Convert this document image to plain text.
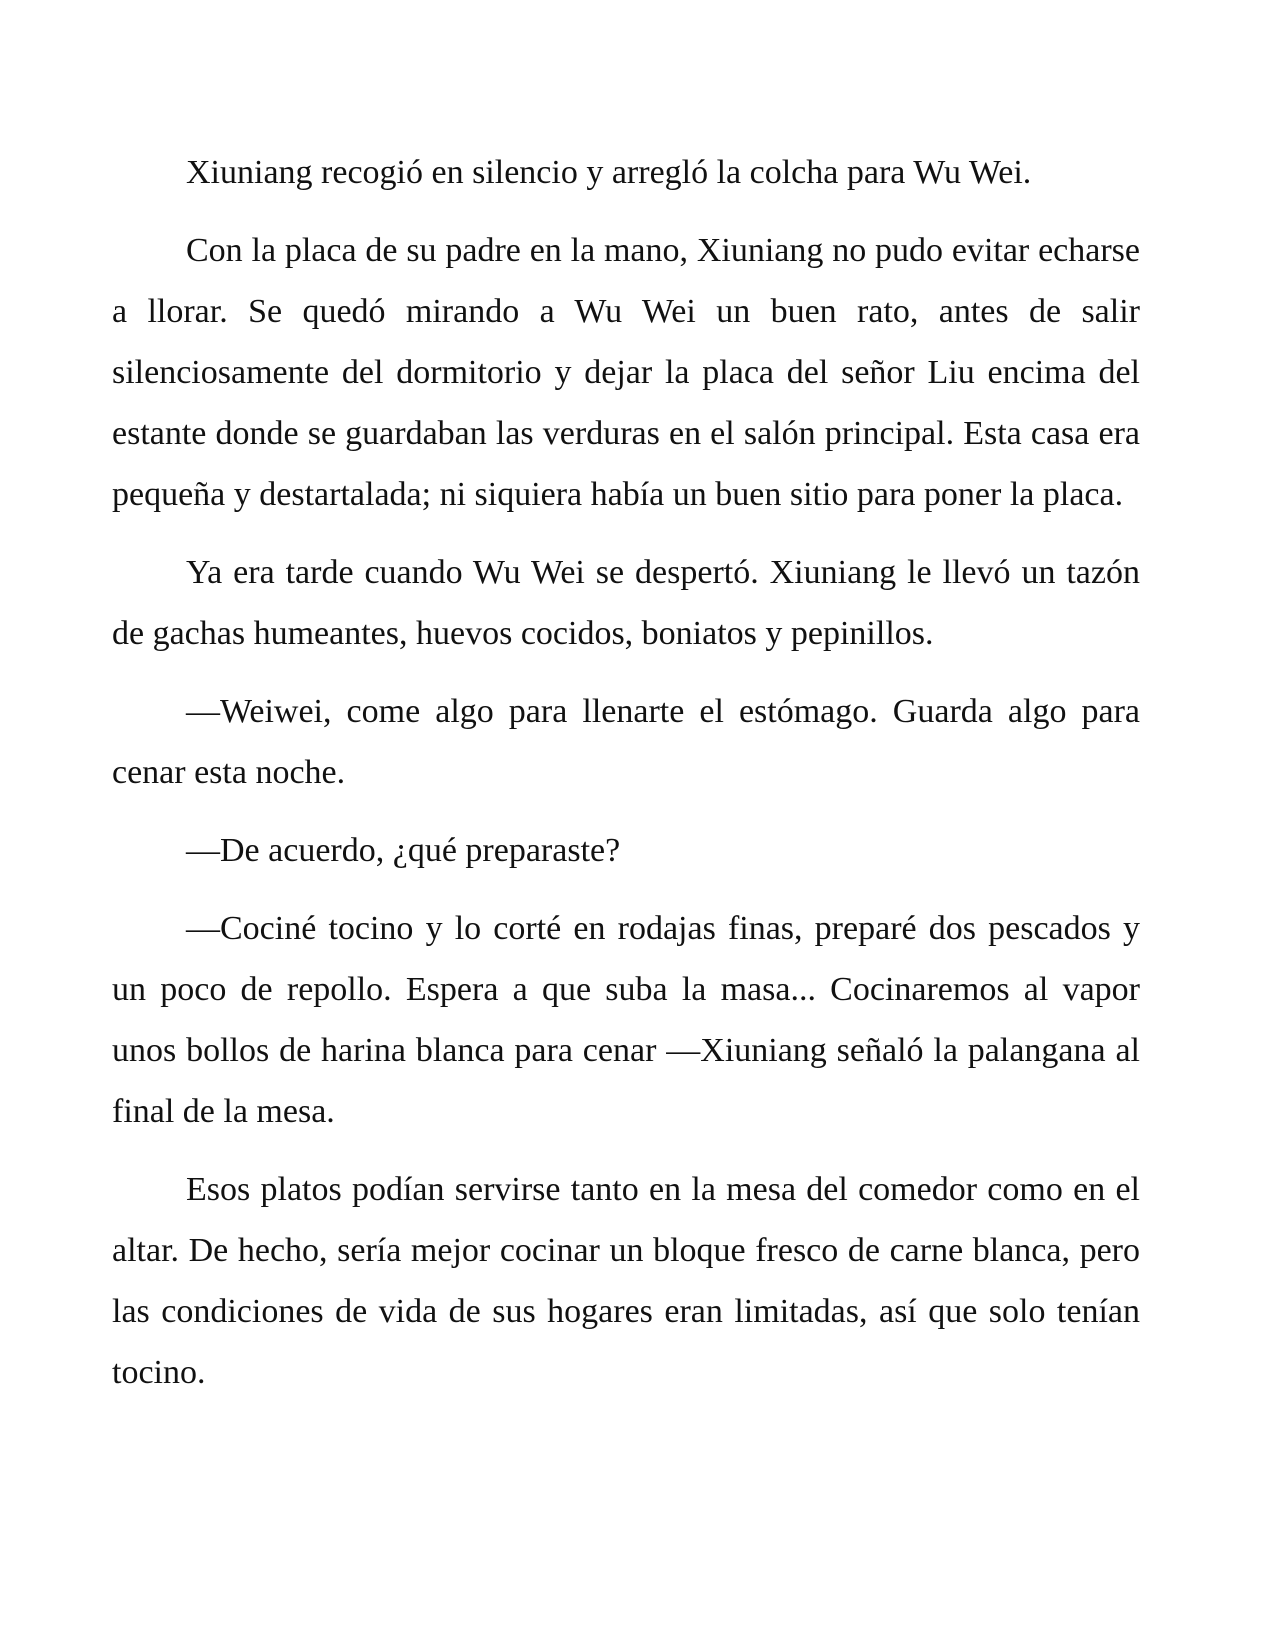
Xiuniang recogió en silencio y arregló la colcha para Wu Wei.

Con la placa de su padre en la mano, Xiuniang no pudo evitar echarse a llorar. Se quedó mirando a Wu Wei un buen rato, antes de salir silenciosamente del dormitorio y dejar la placa del señor Liu encima del estante donde se guardaban las verduras en el salón principal. Esta casa era pequeña y destartalada; ni siquiera había un buen sitio para poner la placa.

Ya era tarde cuando Wu Wei se despertó. Xiuniang le llevó un tazón de gachas humeantes, huevos cocidos, boniatos y pepinillos.

—Weiwei, come algo para llenarte el estómago. Guarda algo para cenar esta noche.

—De acuerdo, ¿qué preparaste?

—Cociné tocino y lo corté en rodajas finas, preparé dos pescados y un poco de repollo. Espera a que suba la masa... Cocinaremos al vapor unos bollos de harina blanca para cenar —Xiuniang señaló la palangana al final de la mesa.

Esos platos podían servirse tanto en la mesa del comedor como en el altar. De hecho, sería mejor cocinar un bloque fresco de carne blanca, pero las condiciones de vida de sus hogares eran limitadas, así que solo tenían tocino.
